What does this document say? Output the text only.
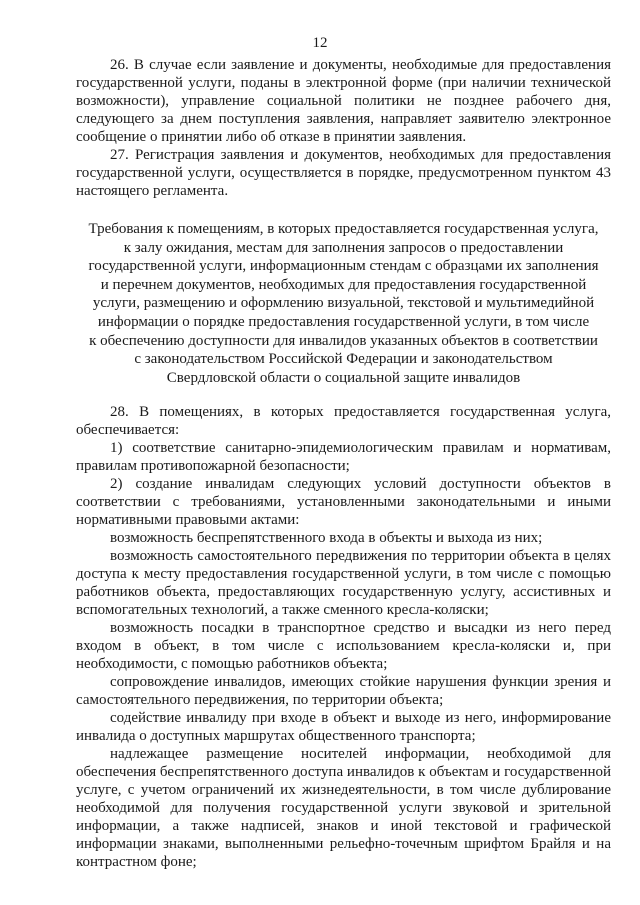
12

26. В случае если заявление и документы, необходимые для предоставления государственной услуги, поданы в электронной форме (при наличии технической возможности), управление социальной политики не позднее рабочего дня, следующего за днем поступления заявления, направляет заявителю электронное сообщение о принятии либо об отказе в принятии заявления.

27. Регистрация заявления и документов, необходимых для предоставления государственной услуги, осуществляется в порядке, предусмотренном пунктом 43 настоящего регламента.

Требования к помещениям, в которых предоставляется государственная услуга,
к залу ожидания, местам для заполнения запросов о предоставлении
государственной услуги, информационным стендам с образцами их заполнения
и перечнем документов, необходимых для предоставления государственной
услуги, размещению и оформлению визуальной, текстовой и мультимедийной
информации о порядке предоставления государственной услуги, в том числе
к обеспечению доступности для инвалидов указанных объектов в соответствии
с законодательством Российской Федерации и законодательством
Свердловской области о социальной защите инвалидов

28. В помещениях, в которых предоставляется государственная услуга, обеспечивается:

1) соответствие санитарно-эпидемиологическим правилам и нормативам, правилам противопожарной безопасности;

2) создание инвалидам следующих условий доступности объектов в соответствии с требованиями, установленными законодательными и иными нормативными правовыми актами:

возможность беспрепятственного входа в объекты и выхода из них;

возможность самостоятельного передвижения по территории объекта в целях доступа к месту предоставления государственной услуги, в том числе с помощью работников объекта, предоставляющих государственную услугу, ассистивных и вспомогательных технологий, а также сменного кресла-коляски;

возможность посадки в транспортное средство и высадки из него перед входом в объект, в том числе с использованием кресла-коляски и, при необходимости, с помощью работников объекта;

сопровождение инвалидов, имеющих стойкие нарушения функции зрения и самостоятельного передвижения, по территории объекта;

содействие инвалиду при входе в объект и выходе из него, информирование инвалида о доступных маршрутах общественного транспорта;

надлежащее размещение носителей информации, необходимой для обеспечения беспрепятственного доступа инвалидов к объектам и государственной услуге, с учетом ограничений их жизнедеятельности, в том числе дублирование необходимой для получения государственной услуги звуковой и зрительной информации, а также надписей, знаков и иной текстовой и графической информации знаками, выполненными рельефно-точечным шрифтом Брайля и на контрастном фоне;
